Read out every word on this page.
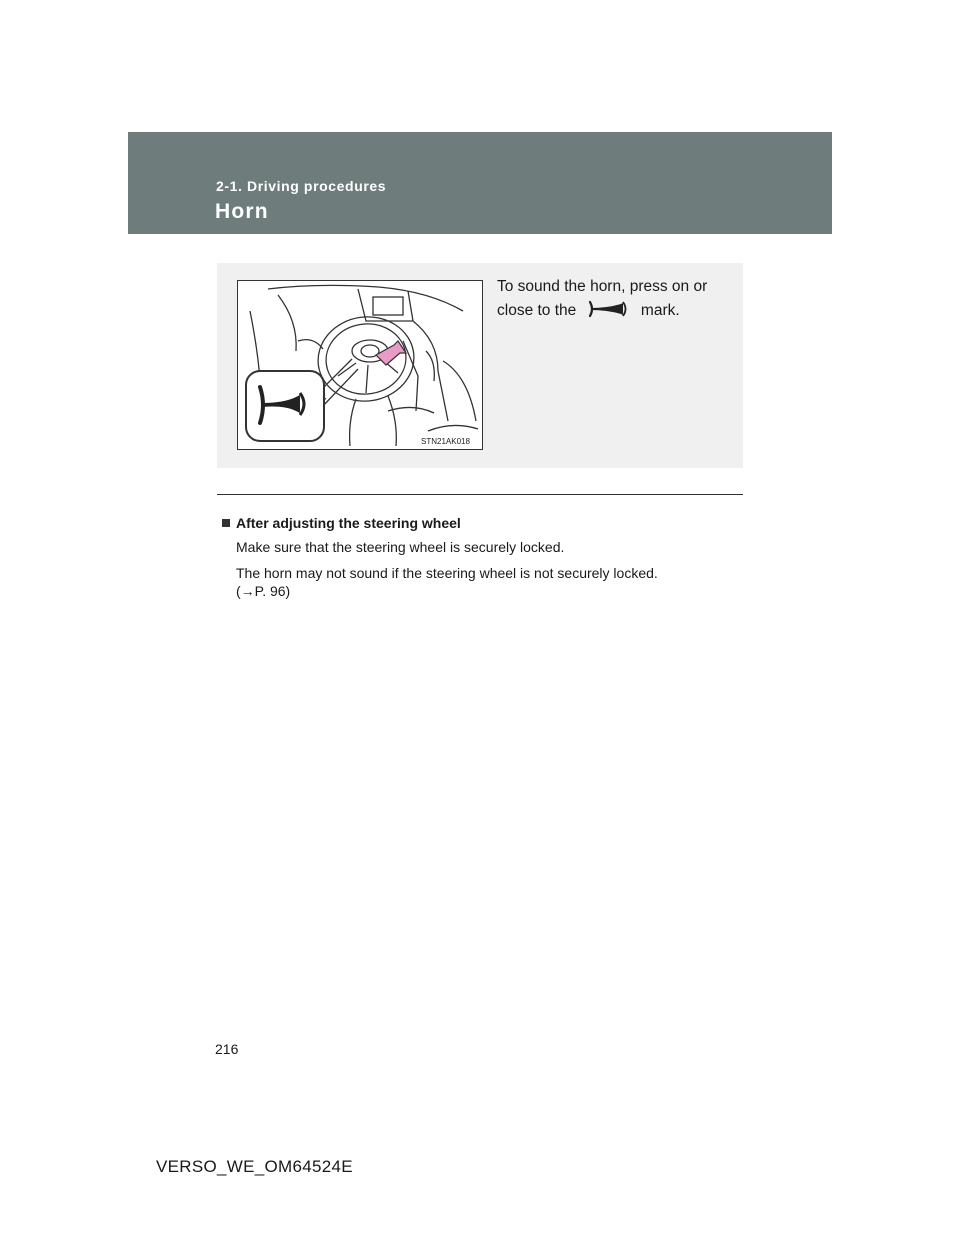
2-1. Driving procedures
Horn
STN21AK018
To sound the horn, press on or close to the	mark.

After adjusting the steering wheel

Make sure that the steering wheel is securely locked.

The horn may not sound if the steering wheel is not securely locked.
(→P. 96)

216
VERSO_WE_OM64524E
